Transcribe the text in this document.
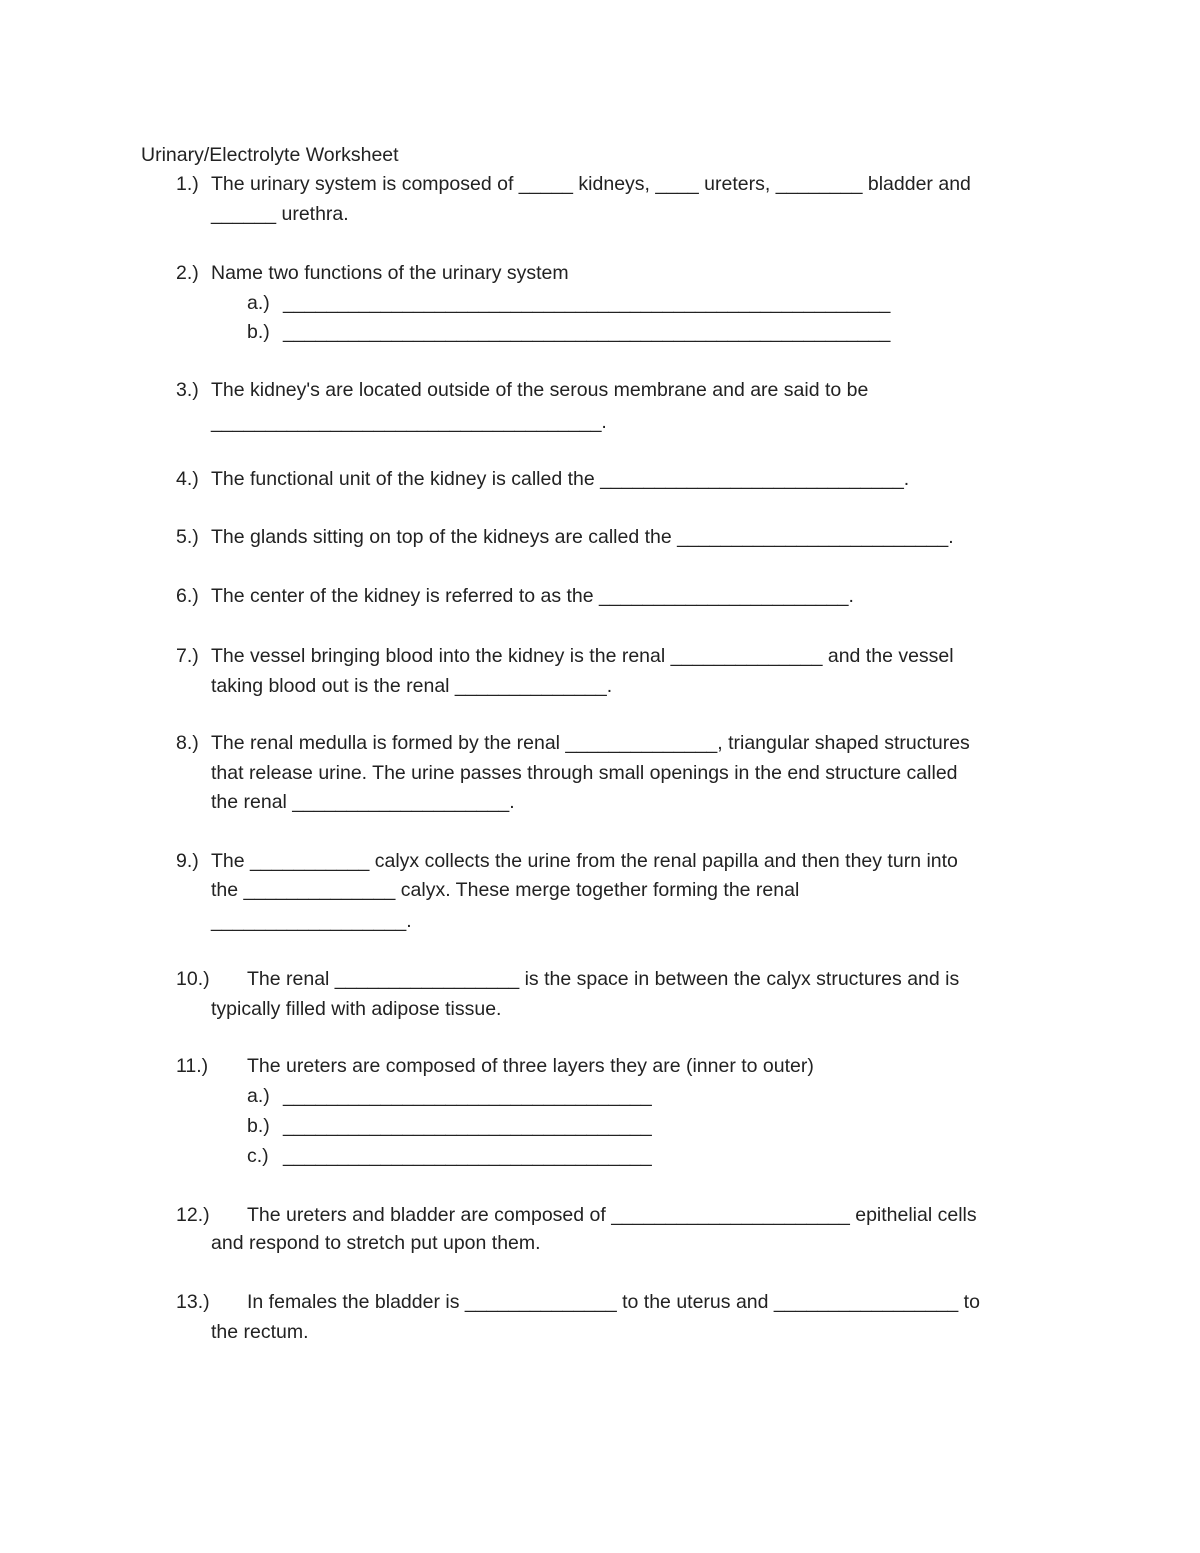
Urinary/Electrolyte Worksheet
1.) The urinary system is composed of _____ kidneys, ____ ureters, ________ bladder and
______ urethra.
2.) Name two functions of the urinary system
a.) ________________________________________________________
b.) ________________________________________________________
3.) The kidney's are located outside of the serous membrane and are said to be
____________________________________.
4.) The functional unit of the kidney is called the ____________________________.
5.) The glands sitting on top of the kidneys are called the _________________________.
6.) The center of the kidney is referred to as the _______________________.
7.) The vessel bringing blood into the kidney is the renal ______________ and the vessel
taking blood out is the renal ______________.
8.) The renal medulla is formed by the renal ______________, triangular shaped structures
that release urine. The urine passes through small openings in the end structure called
the renal ____________________.
9.) The ___________ calyx collects the urine from the renal papilla and then they turn into
the ______________ calyx. These merge together forming the renal
__________________.
10.) The renal _________________ is the space in between the calyx structures and is
typically filled with adipose tissue.
11.) The ureters are composed of three layers they are (inner to outer)
a.) __________________________________
b.) __________________________________
c.) __________________________________
12.) The ureters and bladder are composed of ______________________ epithelial cells
and respond to stretch put upon them.
13.) In females the bladder is ______________ to the uterus and _________________ to
the rectum.
